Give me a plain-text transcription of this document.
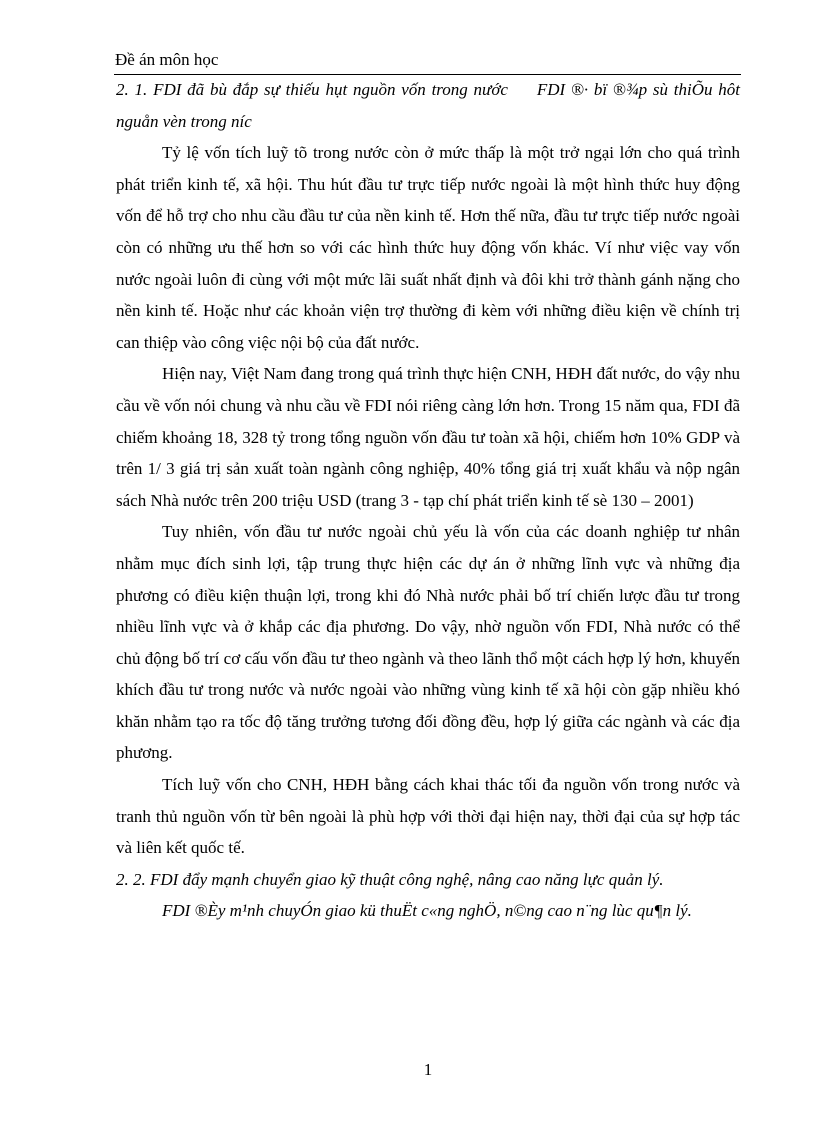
Đề án môn học

2. 1. FDI đã bù đắp sự thiếu hụt nguồn vốn trong nước FDI ®· bï ®¾p sù thiÕu hôt nguån vèn trong níc

Tỷ lệ vốn tích luỹ tõ trong nước còn ở mức thấp là một trở ngại lớn cho quá trình phát triển kinh tế, xã hội. Thu hút đầu tư trực tiếp nước ngoài là một hình thức huy động vốn để hỗ trợ cho nhu cầu đầu tư của nền kinh tế. Hơn thế nữa, đầu tư trực tiếp nước ngoài còn có những ưu thế hơn so với các hình thức huy động vốn khác. Ví như việc vay vốn nước ngoài luôn đi cùng với một mức lãi suất nhất định và đôi khi trở thành gánh nặng cho nền kinh tế. Hoặc như các khoản viện trợ thường đi kèm với những điều kiện về chính trị can thiệp vào công việc nội bộ của đất nước.

Hiện nay, Việt Nam đang trong quá trình thực hiện CNH, HĐH đất nước, do vậy nhu cầu về vốn nói chung và nhu cầu về FDI nói riêng càng lớn hơn. Trong 15 năm qua, FDI đã chiếm khoảng 18, 328 tỷ trong tổng nguồn vốn đầu tư toàn xã hội, chiếm hơn 10% GDP và trên 1/ 3 giá trị sản xuất toàn ngành công nghiệp, 40% tổng giá trị xuất khẩu và nộp ngân sách Nhà nước trên 200 triệu USD (trang 3 - tạp chí phát triển kinh tế sè 130 – 2001)

Tuy nhiên, vốn đầu tư nước ngoài chủ yếu là vốn của các doanh nghiệp tư nhân nhằm mục đích sinh lợi, tập trung thực hiện các dự án ở những lĩnh vực và những địa phương có điều kiện thuận lợi, trong khi đó Nhà nước phải bố trí chiến lược đầu tư trong nhiều lĩnh vực và ở khắp các địa phương. Do vậy, nhờ nguồn vốn FDI, Nhà nước có thể chủ động bố trí cơ cấu vốn đầu tư theo ngành và theo lãnh thổ một cách hợp lý hơn, khuyến khích đầu tư trong nước và nước ngoài vào những vùng kinh tế xã hội còn gặp nhiều khó khăn nhằm tạo ra tốc độ tăng trưởng tương đối đồng đều, hợp lý giữa các ngành và các địa phương.

Tích luỹ vốn cho CNH, HĐH bằng cách khai thác tối đa nguồn vốn trong nước và tranh thủ nguồn vốn từ bên ngoài là phù hợp với thời đại hiện nay, thời đại của sự hợp tác và liên kết quốc tế.

2. 2. FDI đẩy mạnh chuyển giao kỹ thuật công nghệ, nâng cao năng lực quản lý.

FDI ®Èy m¹nh chuyÓn giao kü thuËt c«ng nghÖ, n©ng cao n¨ng lùc qu¶n lý.

1
